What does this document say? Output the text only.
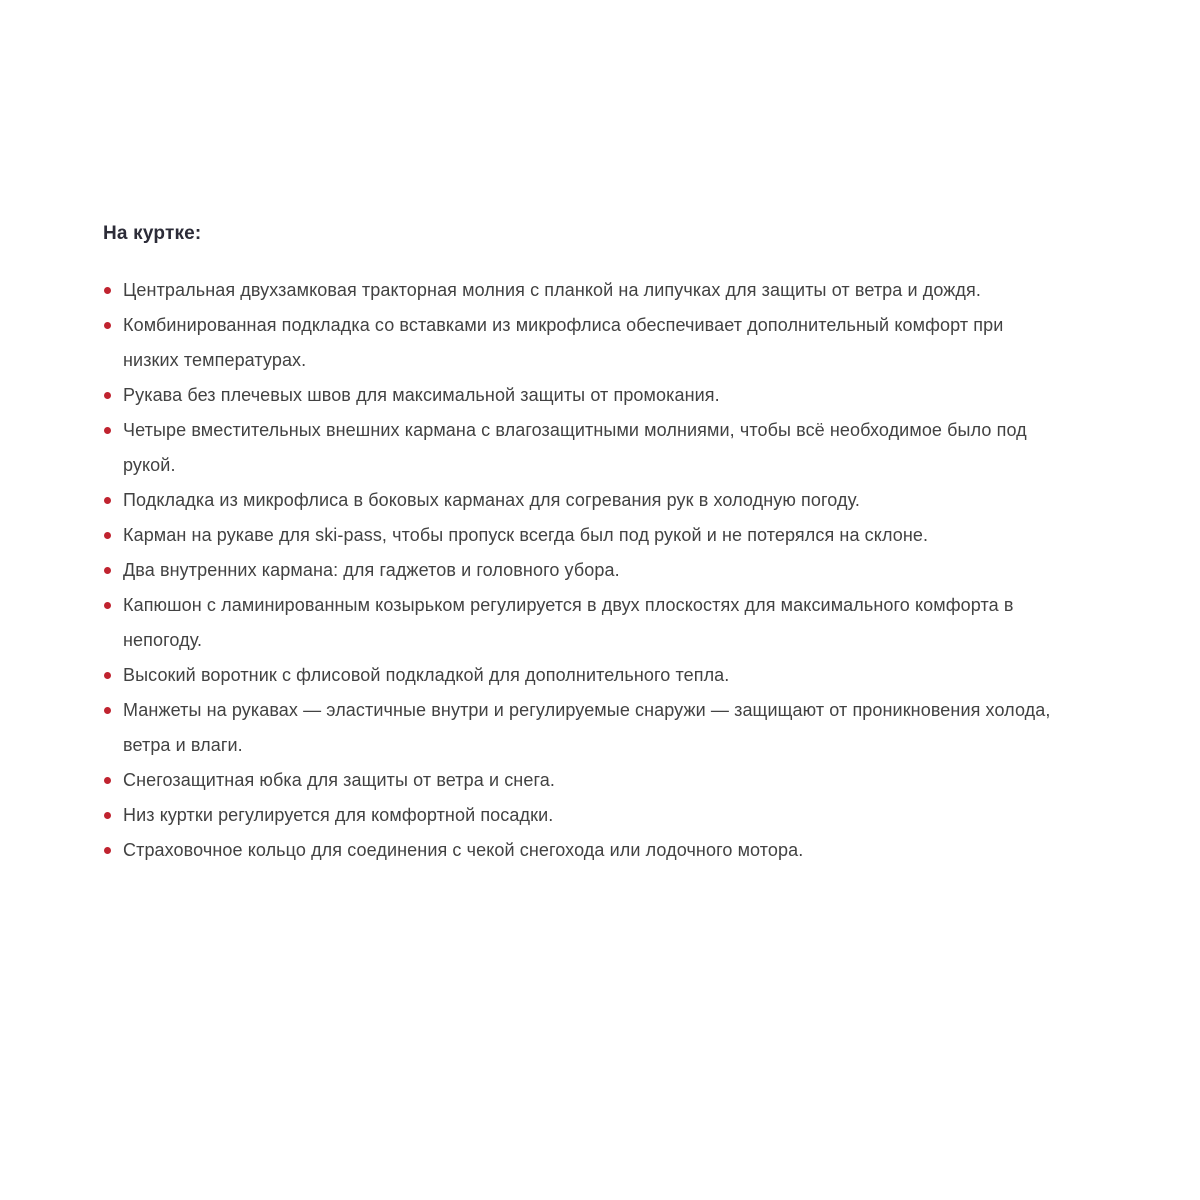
На куртке:
Центральная двухзамковая тракторная молния с планкой на липучках для защиты от ветра и дождя.
Комбинированная подкладка со вставками из микрофлиса обеспечивает дополнительный комфорт при низких температурах.
Рукава без плечевых швов для максимальной защиты от промокания.
Четыре вместительных внешних кармана с влагозащитными молниями, чтобы всё необходимое было под рукой.
Подкладка из микрофлиса в боковых карманах для согревания рук в холодную погоду.
Карман на рукаве для ski-pass, чтобы пропуск всегда был под рукой и не потерялся на склоне.
Два внутренних кармана: для гаджетов и головного убора.
Капюшон с ламинированным козырьком регулируется в двух плоскостях для максимального комфорта в непогоду.
Высокий воротник с флисовой подкладкой для дополнительного тепла.
Манжеты на рукавах — эластичные внутри и регулируемые снаружи — защищают от проникновения холода, ветра и влаги.
Снегозащитная юбка для защиты от ветра и снега.
Низ куртки регулируется для комфортной посадки.
Страховочное кольцо для соединения с чекой снегохода или лодочного мотора.
